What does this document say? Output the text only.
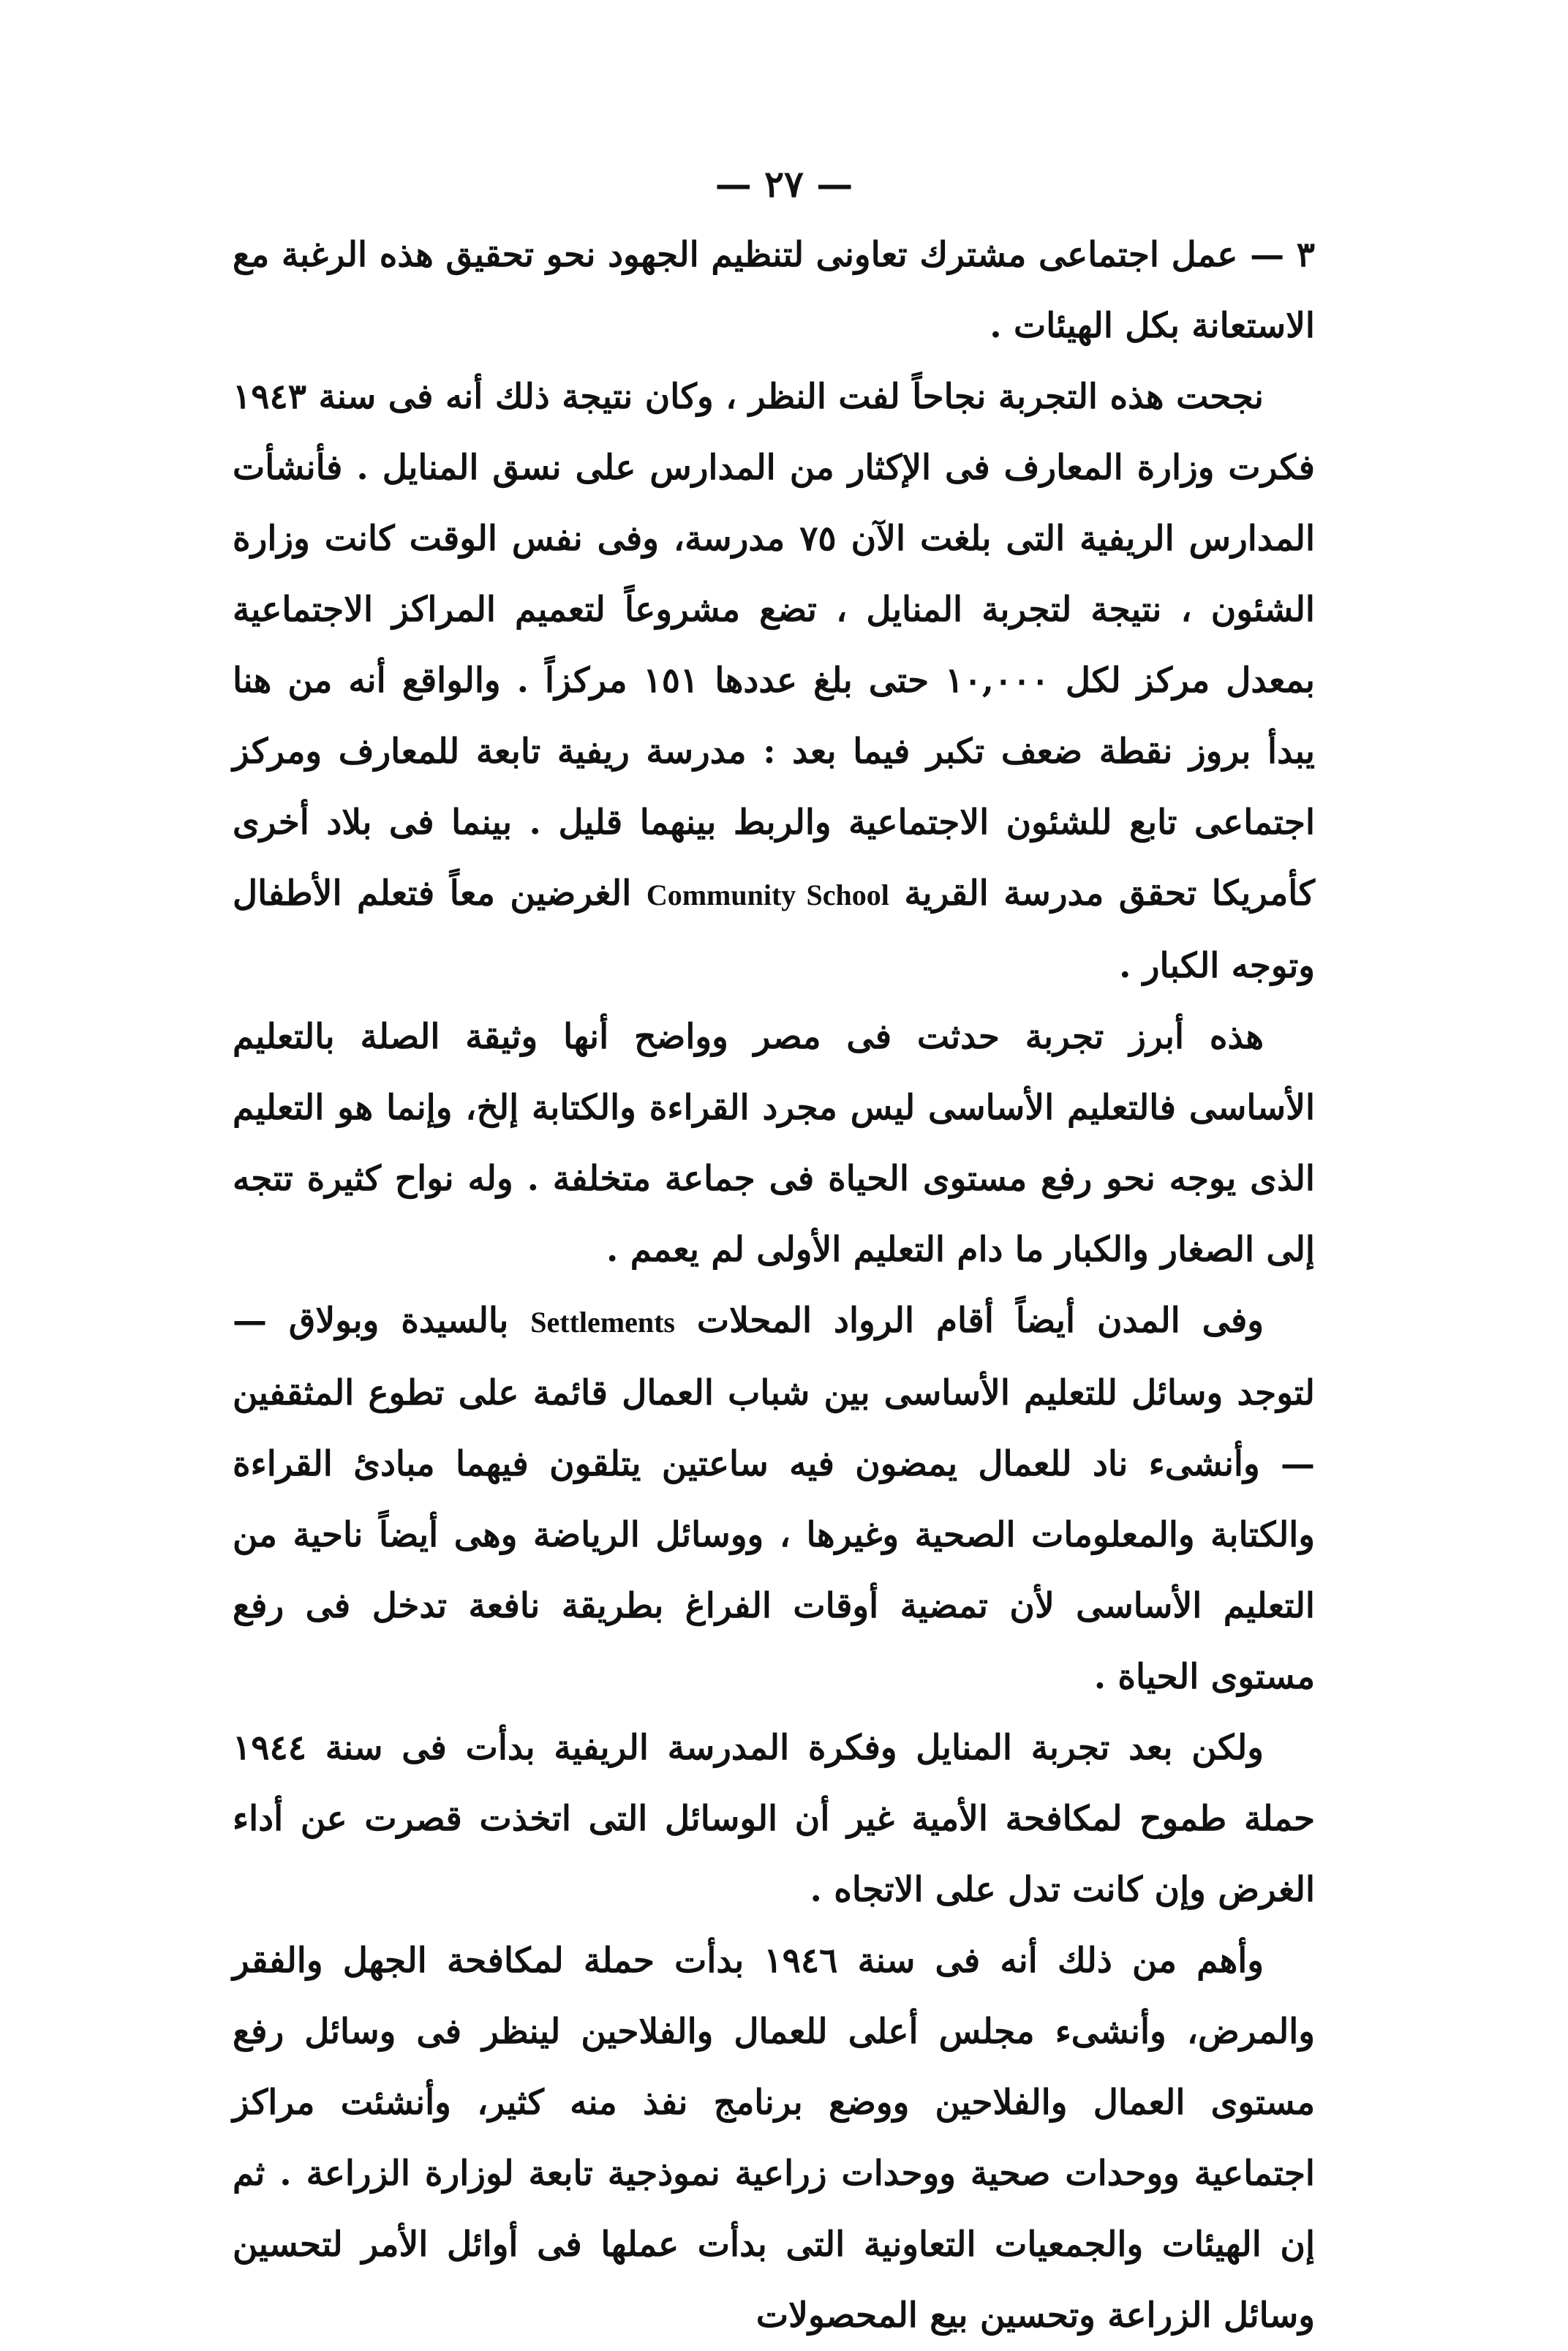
— ٢٧ —

٣ — عمل اجتماعى مشترك تعاونى لتنظيم الجهود نحو تحقيق هذه الرغبة مع الاستعانة بكل الهيئات .

نجحت هذه التجربة نجاحاً لفت النظر ، وكان نتيجة ذلك أنه فى سنة ١٩٤٣ فكرت وزارة المعارف فى الإكثار من المدارس على نسق المنايل . فأنشأت المدارس الريفية التى بلغت الآن ٧٥ مدرسة، وفى نفس الوقت كانت وزارة الشئون ، نتيجة لتجربة المنايل ، تضع مشروعاً لتعميم المراكز الاجتماعية بمعدل مركز لكل ١٠,٠٠٠ حتى بلغ عددها ١٥١ مركزاً . والواقع أنه من هنا يبدأ بروز نقطة ضعف تكبر فيما بعد : مدرسة ريفية تابعة للمعارف ومركز اجتماعى تابع للشئون الاجتماعية والربط بينهما قليل . بينما فى بلاد أخرى كأمريكا تحقق مدرسة القرية Community School الغرضين معاً فتعلم الأطفال وتوجه الكبار .

هذه أبرز تجربة حدثت فى مصر وواضح أنها وثيقة الصلة بالتعليم الأساسى فالتعليم الأساسى ليس مجرد القراءة والكتابة إلخ، وإنما هو التعليم الذى يوجه نحو رفع مستوى الحياة فى جماعة متخلفة . وله نواح كثيرة تتجه إلى الصغار والكبار ما دام التعليم الأولى لم يعمم .

وفى المدن أيضاً أقام الرواد المحلات Settlements بالسيدة وبولاق — لتوجد وسائل للتعليم الأساسى بين شباب العمال قائمة على تطوع المثقفين — وأنشىء ناد للعمال يمضون فيه ساعتين يتلقون فيهما مبادئ القراءة والكتابة والمعلومات الصحية وغيرها ، ووسائل الرياضة وهى أيضاً ناحية من التعليم الأساسى لأن تمضية أوقات الفراغ بطريقة نافعة تدخل فى رفع مستوى الحياة .

ولكن بعد تجربة المنايل وفكرة المدرسة الريفية بدأت فى سنة ١٩٤٤ حملة طموح لمكافحة الأمية غير أن الوسائل التى اتخذت قصرت عن أداء الغرض وإن كانت تدل على الاتجاه .

وأهم من ذلك أنه فى سنة ١٩٤٦ بدأت حملة لمكافحة الجهل والفقر والمرض، وأنشىء مجلس أعلى للعمال والفلاحين لينظر فى وسائل رفع مستوى العمال والفلاحين ووضع برنامج نفذ منه كثير، وأنشئت مراكز اجتماعية ووحدات صحية ووحدات زراعية نموذجية تابعة لوزارة الزراعة . ثم إن الهيئات والجمعيات التعاونية التى بدأت عملها فى أوائل الأمر لتحسين وسائل الزراعة وتحسين بيع المحصولات
